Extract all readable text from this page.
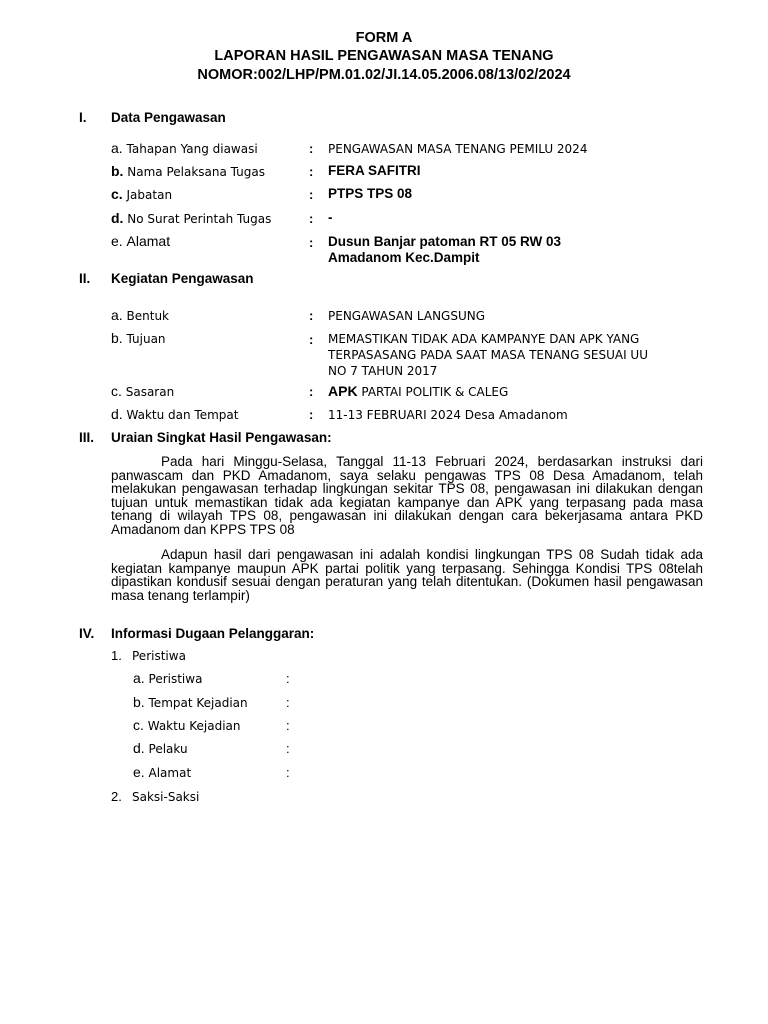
FORM A
LAPORAN HASIL PENGAWASAN MASA TENANG
NOMOR:002/LHP/PM.01.02/JI.14.05.2006.08/13/02/2024
I. Data Pengawasan
a. Tahapan Yang diawasi	: PENGAWASAN MASA TENANG PEMILU 2024
b. Nama Pelaksana Tugas	: FERA SAFITRI
c. Jabatan	: PTPS TPS 08
d. No Surat Perintah Tugas	: -
e. Alamat	: Dusun Banjar patoman RT 05 RW 03
Amadanom Kec.Dampit
II. Kegiatan Pengawasan
a. Bentuk	: PENGAWASAN LANGSUNG
b. Tujuan	: MEMASTIKAN TIDAK ADA KAMPANYE DAN APK YANG
TERPASASANG PADA SAAT MASA TENANG SESUAI UU
NO 7 TAHUN 2017
c. Sasaran	: APK PARTAI POLITIK & CALEG
d. Waktu dan Tempat	: 11-13 FEBRUARI 2024 Desa Amadanom
III. Uraian Singkat Hasil Pengawasan:
Pada hari Minggu-Selasa, Tanggal 11-13 Februari 2024, berdasarkan instruksi dari panwascam dan PKD Amadanom, saya selaku pengawas TPS 08 Desa Amadanom, telah melakukan pengawasan terhadap lingkungan sekitar TPS 08, pengawasan ini dilakukan dengan tujuan untuk memastikan tidak ada kegiatan kampanye dan APK yang terpasang pada masa tenang di wilayah TPS 08, pengawasan ini dilakukan dengan cara bekerjasama antara PKD Amadanom dan KPPS TPS 08
Adapun hasil dari pengawasan ini adalah kondisi lingkungan TPS 08 Sudah tidak ada kegiatan kampanye maupun APK partai politik yang terpasang. Sehingga Kondisi TPS 08telah dipastikan kondusif sesuai dengan peraturan yang telah ditentukan. (Dokumen hasil pengawasan masa tenang terlampir)
IV. Informasi Dugaan Pelanggaran:
1. Peristiwa
a. Peristiwa	:
b. Tempat Kejadian	:
c. Waktu Kejadian	:
d. Pelaku	:
e. Alamat	:
2. Saksi-Saksi
